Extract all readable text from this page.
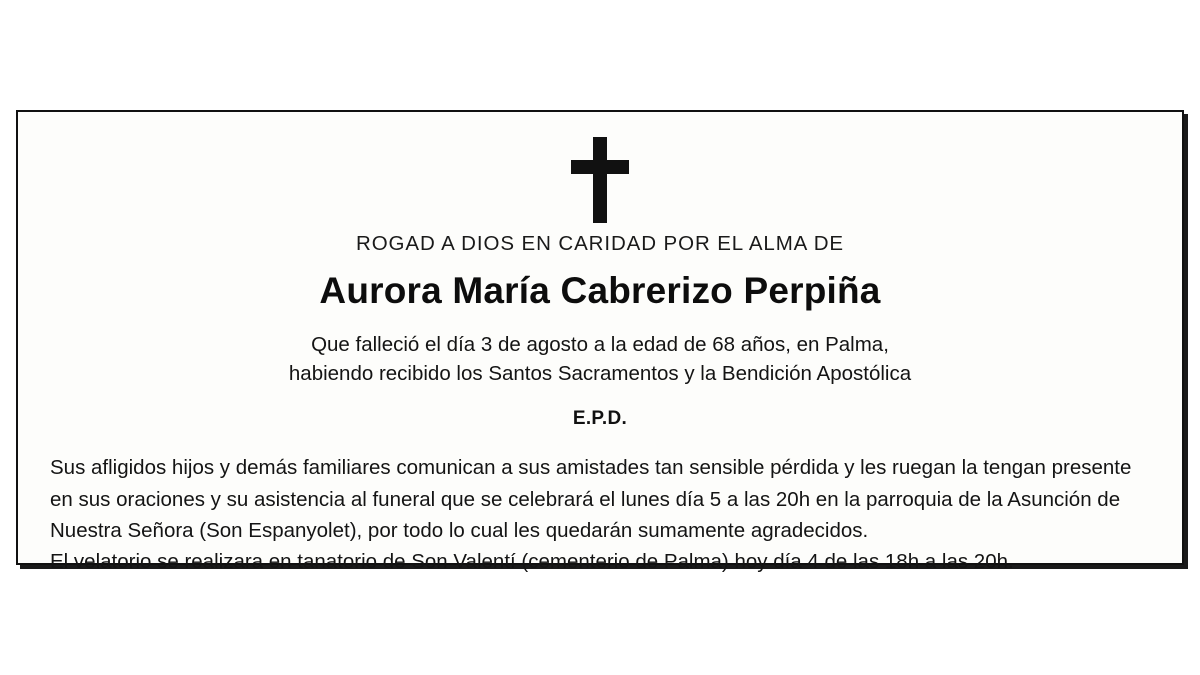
ROGAD A DIOS EN CARIDAD POR EL ALMA DE
Aurora María Cabrerizo Perpiña
Que falleció el día 3 de agosto a la edad de 68 años, en Palma,
habiendo recibido los Santos Sacramentos y la Bendición Apostólica
E.P.D.

Sus afligidos hijos y demás familiares comunican a sus amistades tan sensible pérdida y les ruegan la tengan presente en sus oraciones y su asistencia al funeral que se celebrará el lunes día 5 a las 20h en la parroquia de la Asunción de Nuestra Señora (Son Espanyolet), por todo lo cual les quedarán sumamente agradecidos.

El velatorio se realizara en tanatorio de Son Valentí (cementerio de Palma) hoy día 4 de las 18h a las 20h.
